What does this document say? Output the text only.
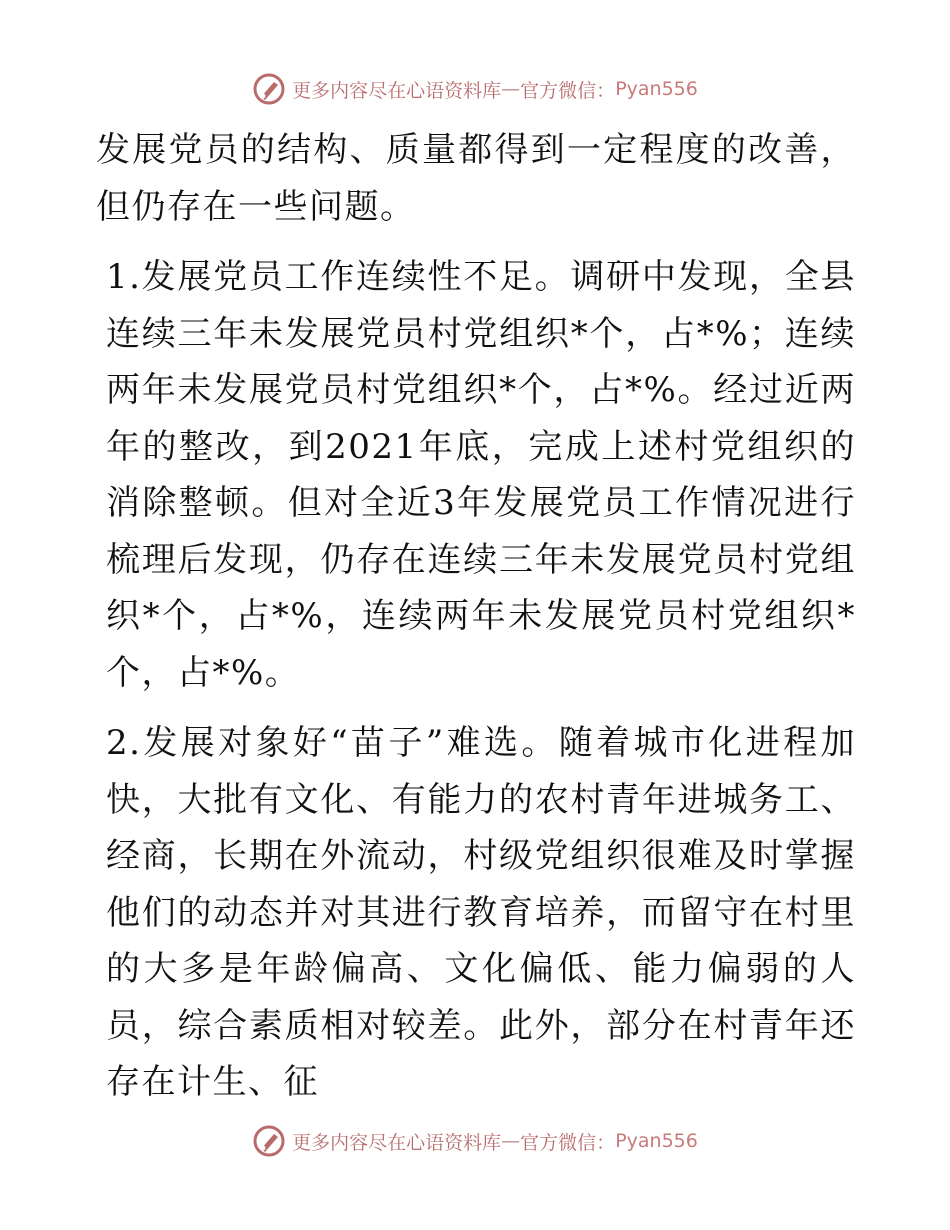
更多内容尽在心语资料库 — 官方微信： Pyan556

发展党员的结构、质量都得到一定程度的改善，但仍存在一些问题。

1.发展党员工作连续性不足。调研中发现，全县连续三年未发展党员村党组织*个，占*%；连续两年未发展党员村党组织*个，占*%。经过近两年的整改，到2021年底，完成上述村党组织的消除整顿。但对全近3年发展党员工作情况进行梳理后发现，仍存在连续三年未发展党员村党组织*个，占*%，连续两年未发展党员村党组织*个，占*%。

2.发展对象好“苗子”难选。随着城市化进程加快，大批有文化、有能力的农村青年进城务工、经商，长期在外流动，村级党组织很难及时掌握他们的动态并对其进行教育培养，而留守在村里的大多是年龄偏高、文化偏低、能力偏弱的人员，综合素质相对较差。此外，部分在村青年还存在计生、征

更多内容尽在心语资料库 — 官方微信： Pyan556
